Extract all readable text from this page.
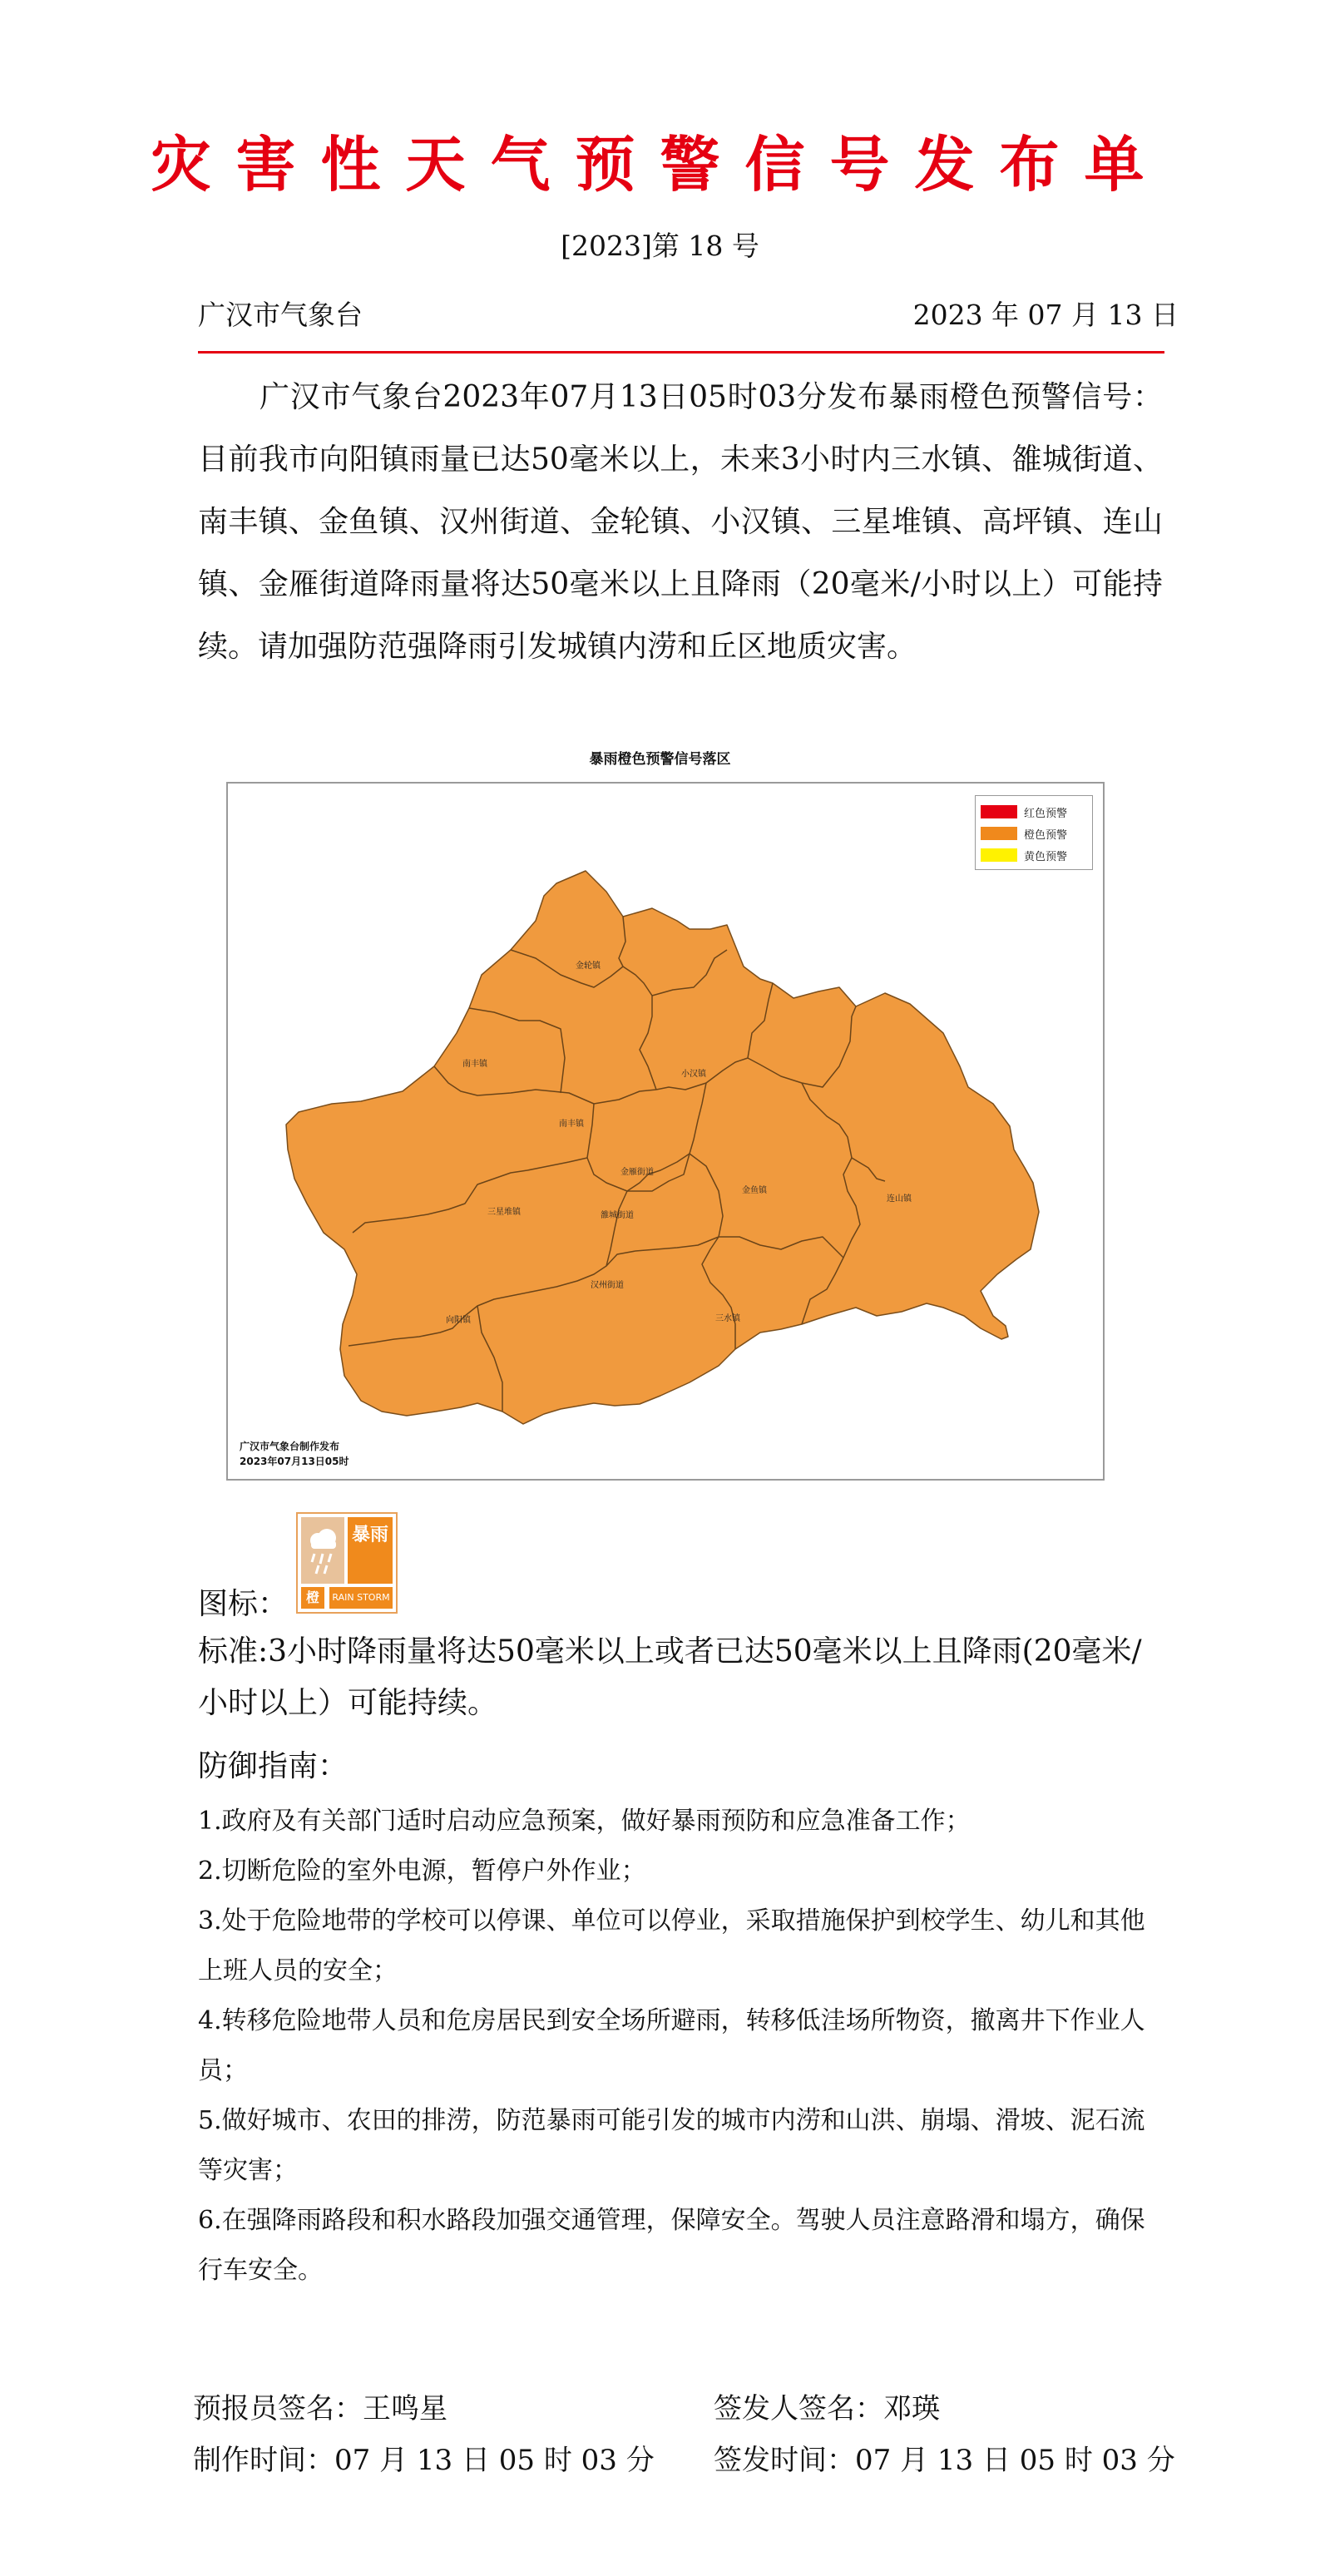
灾害性天气预警信号发布单
[2023]第 18 号
广汉市气象台	2023 年 07 月 13 日
广汉市气象台2023年07月13日05时03分发布暴雨橙色预警信号：目前我市向阳镇雨量已达50毫米以上，未来3小时内三水镇、雒城街道、南丰镇、金鱼镇、汉州街道、金轮镇、小汉镇、三星堆镇、高坪镇、连山镇、金雁街道降雨量将达50毫米以上且降雨（20毫米/小时以上）可能持续。请加强防范强降雨引发城镇内涝和丘区地质灾害。
暴雨橙色预警信号落区
金轮镇
南丰镇
小汉镇
南丰镇
金雁街道
三星堆镇	雒城街道
金鱼镇
连山镇
汉州街道
向阳镇	三水镇
红色预警
橙色预警
黄色预警
广汉市气象台制作发布
2023年07月13日05时
图标：
暴雨
橙	RAIN STORM
标准:3小时降雨量将达50毫米以上或者已达50毫米以上且降雨(20毫米/小时以上）可能持续。
防御指南：
1.政府及有关部门适时启动应急预案，做好暴雨预防和应急准备工作；
2.切断危险的室外电源，暂停户外作业；
3.处于危险地带的学校可以停课、单位可以停业，采取措施保护到校学生、幼儿和其他上班人员的安全；
4.转移危险地带人员和危房居民到安全场所避雨，转移低洼场所物资，撤离井下作业人员；
5.做好城市、农田的排涝，防范暴雨可能引发的城市内涝和山洪、崩塌、滑坡、泥石流等灾害；
6.在强降雨路段和积水路段加强交通管理，保障安全。驾驶人员注意路滑和塌方，确保行车安全。
预报员签名：王鸣星	签发人签名：邓瑛
制作时间：07 月 13 日 05 时 03 分 签发时间：07 月 13 日 05 时 03 分
